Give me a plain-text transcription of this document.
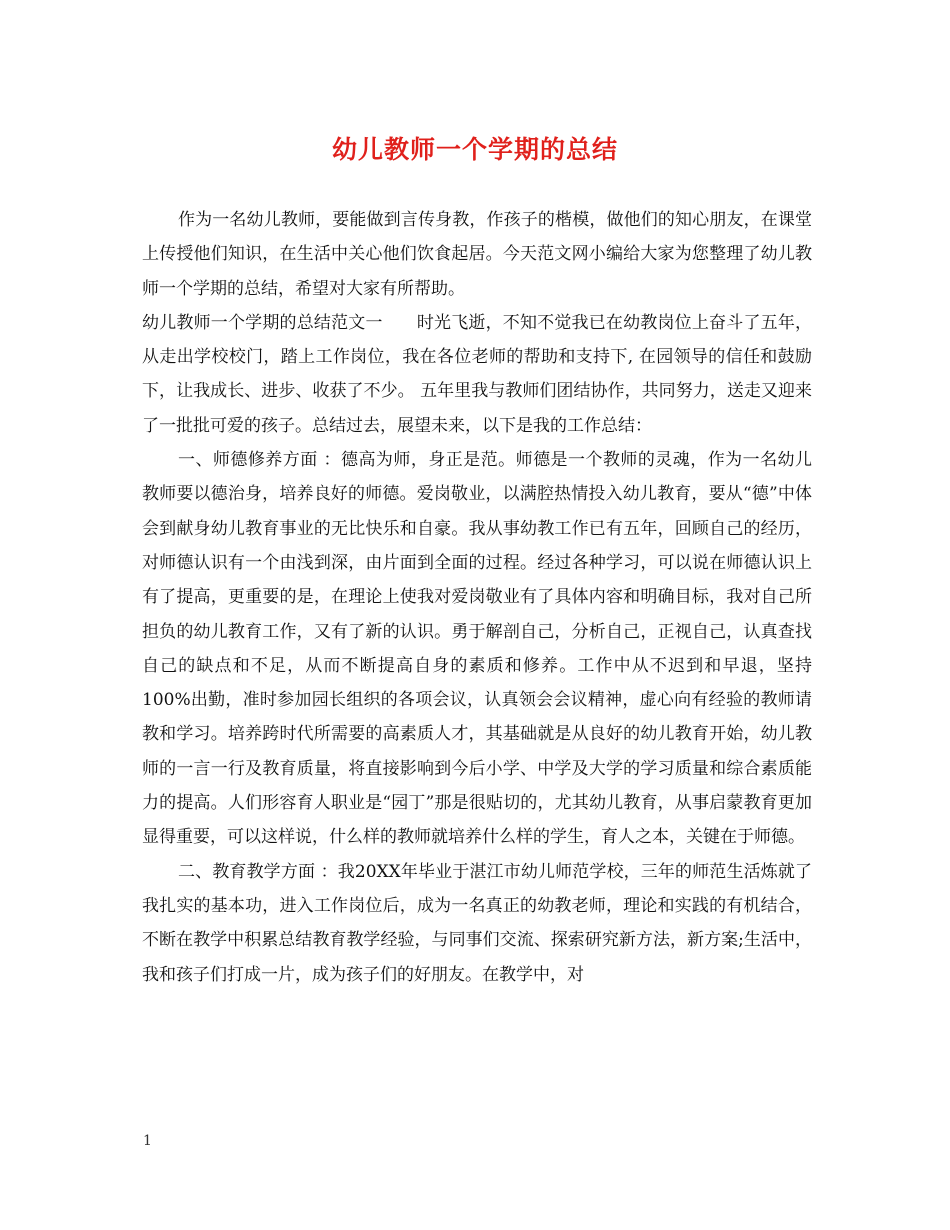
幼儿教师一个学期的总结

作为一名幼儿教师，要能做到言传身教，作孩子的楷模，做他们的知心朋友，在课堂上传授他们知识，在生活中关心他们饮食起居。今天范文网小编给大家为您整理了幼儿教师一个学期的总结，希望对大家有所帮助。

幼儿教师一个学期的总结范文一 时光飞逝，不知不觉我已在幼教岗位上奋斗了五年，从走出学校校门，踏上工作岗位，我在各位老师的帮助和支持下, 在园领导的信任和鼓励下，让我成长、进步、收获了不少。 五年里我与教师们团结协作，共同努力，送走又迎来了一批批可爱的孩子。总结过去，展望未来，以下是我的工作总结：

一、师德修养方面 ：德高为师，身正是范。师德是一个教师的灵魂，作为一名幼儿教师要以德治身，培养良好的师德。爱岗敬业，以满腔热情投入幼儿教育，要从“德”中体会到献身幼儿教育事业的无比快乐和自豪。我从事幼教工作已有五年，回顾自己的经历，对师德认识有一个由浅到深，由片面到全面的过程。经过各种学习，可以说在师德认识上有了提高，更重要的是，在理论上使我对爱岗敬业有了具体内容和明确目标，我对自己所担负的幼儿教育工作，又有了新的认识。勇于解剖自己，分析自己，正视自己，认真查找自己的缺点和不足，从而不断提高自身的素质和修养。工作中从不迟到和早退，坚持100%出勤，准时参加园长组织的各项会议，认真领会会议精神，虚心向有经验的教师请教和学习。培养跨时代所需要的高素质人才，其基础就是从良好的幼儿教育开始，幼儿教师的一言一行及教育质量，将直接影响到今后小学、中学及大学的学习质量和综合素质能力的提高。人们形容育人职业是“园丁”那是很贴切的，尤其幼儿教育，从事启蒙教育更加显得重要，可以这样说，什么样的教师就培养什么样的学生，育人之本，关键在于师德。

二、教育教学方面 ：我20XX年毕业于湛江市幼儿师范学校，三年的师范生活炼就了我扎实的基本功，进入工作岗位后，成为一名真正的幼教老师，理论和实践的有机结合，不断在教学中积累总结教育教学经验，与同事们交流、探索研究新方法，新方案;生活中，我和孩子们打成一片，成为孩子们的好朋友。在教学中，对

1
